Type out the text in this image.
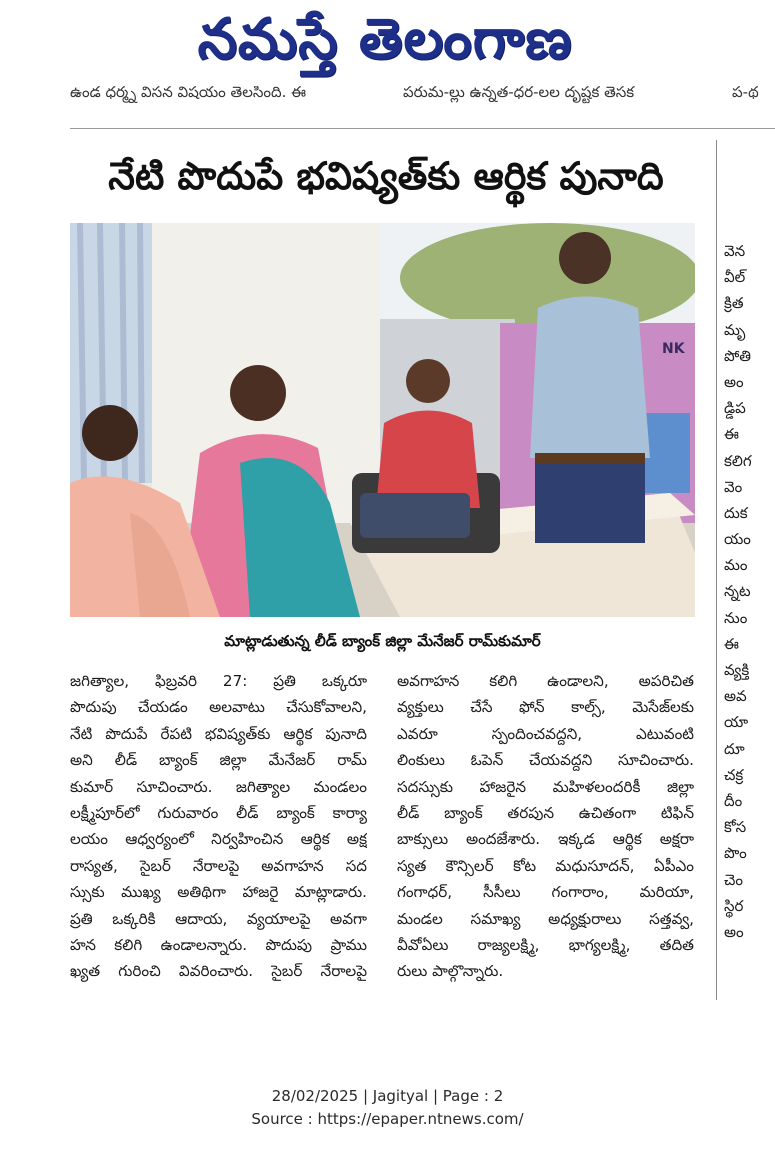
నమస్తే తెలంగాణ
ఉండ ధర్మ్న విసన విషయం తెలసింది. ఈ	పరుమ-ల్లు ఉన్నత-ధర-లల దృష్టక తెసక	ప-థ
నేటి పొదుపే భవిష్యత్‌కు ఆర్థిక పునాది
NK
మాట్లాడుతున్న లీడ్ బ్యాంక్ జిల్లా మేనేజర్ రామ్‌కుమార్
జగిత్యాల, ఫిబ్రవరి 27: ప్రతి ఒక్కరూ
పొదుపు చేయడం అలవాటు చేసుకోవాలని,
నేటి పొదుపే రేపటి భవిష్యత్‌కు ఆర్థిక పునాది
అని లీడ్ బ్యాంక్ జిల్లా మేనేజర్ రామ్
కుమార్ సూచించారు. జగిత్యాల మండలం
లక్ష్మీపూర్‌లో గురువారం లీడ్ బ్యాంక్ కార్యా
లయం ఆధ్వర్యంలో నిర్వహించిన ఆర్థిక అక్ష
రాస్యత, సైబర్ నేరాలపై అవగాహన సద
స్సుకు ముఖ్య అతిథిగా హాజరై మాట్లాడారు.
ప్రతి ఒక్కరికి ఆదాయ, వ్యయాలపై అవగా
హన కలిగి ఉండాలన్నారు. పొదుపు ప్రాము
ఖ్యత గురించి వివరించారు. సైబర్ నేరాలపై
అవగాహన కలిగి ఉండాలని, అపరిచిత
వ్యక్తులు చేసే ఫోన్ కాల్స్, మెసేజ్‌లకు
ఎవరూ స్పందించవద్దని, ఎటువంటి
లింకులు ఓపెన్ చేయవద్దని సూచించారు.
సదస్సుకు హాజరైన మహిళలందరికీ జిల్లా
లీడ్ బ్యాంక్ తరపున ఉచితంగా టిఫిన్
బాక్సులు అందజేశారు. ఇక్కడ ఆర్థిక అక్షరా
స్యత కౌన్సిలర్ కోట మధుసూదన్, ఏపీఎం
గంగాధర్, సీసీలు గంగారాం, మరియా,
మండల సమాఖ్య అధ్యక్షురాలు సత్తవ్వ,
వీవోఏలు రాజ్యలక్ష్మి, భాగ్యలక్ష్మి, తదిత
రులు పాల్గొన్నారు.
వెన
వీల్
క్రిత
మృ
పోతి
అం
డ్డిప
ఈ
కలిగ
వెం
దుక
యం
మం
న్నట
నుం
ఈ
వ్యక్తి
అవ
యా
దూ
చక్ర
దీం
కోస
పొం
చెం
స్థిర
అం
28/02/2025 | Jagityal | Page : 2
Source : https://epaper.ntnews.com/
